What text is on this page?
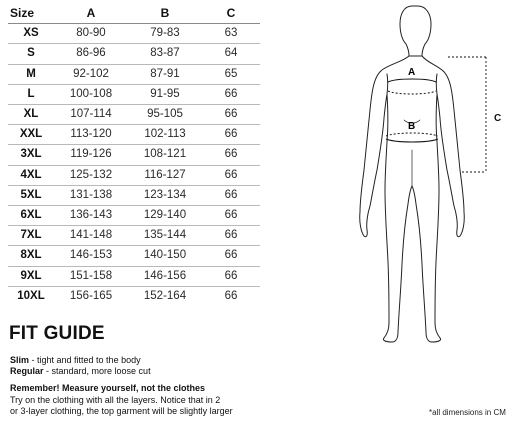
Size	A	B	C
XS	80-90	79-83	63
S	86-96	83-87	64
M	92-102	87-91	65
L	100-108	91-95	66
XL	107-114	95-105	66
XXL	113-120	102-113	66
3XL	119-126	108-121	66
4XL	125-132	116-127	66
5XL	131-138	123-134	66
6XL	136-143	129-140	66
7XL	141-148	135-144	66
8XL	146-153	140-150	66
9XL	151-158	146-156	66
10XL	156-165	152-164	66
FIT GUIDE
Slim - tight and fitted to the body
Regular - standard, more loose cut
Remember! Measure yourself, not the clothes
Try on the clothing with all the layers. Notice that in 2
or 3-layer clothing, the top garment will be slightly larger	*all dimensions in CM
A
B
C
